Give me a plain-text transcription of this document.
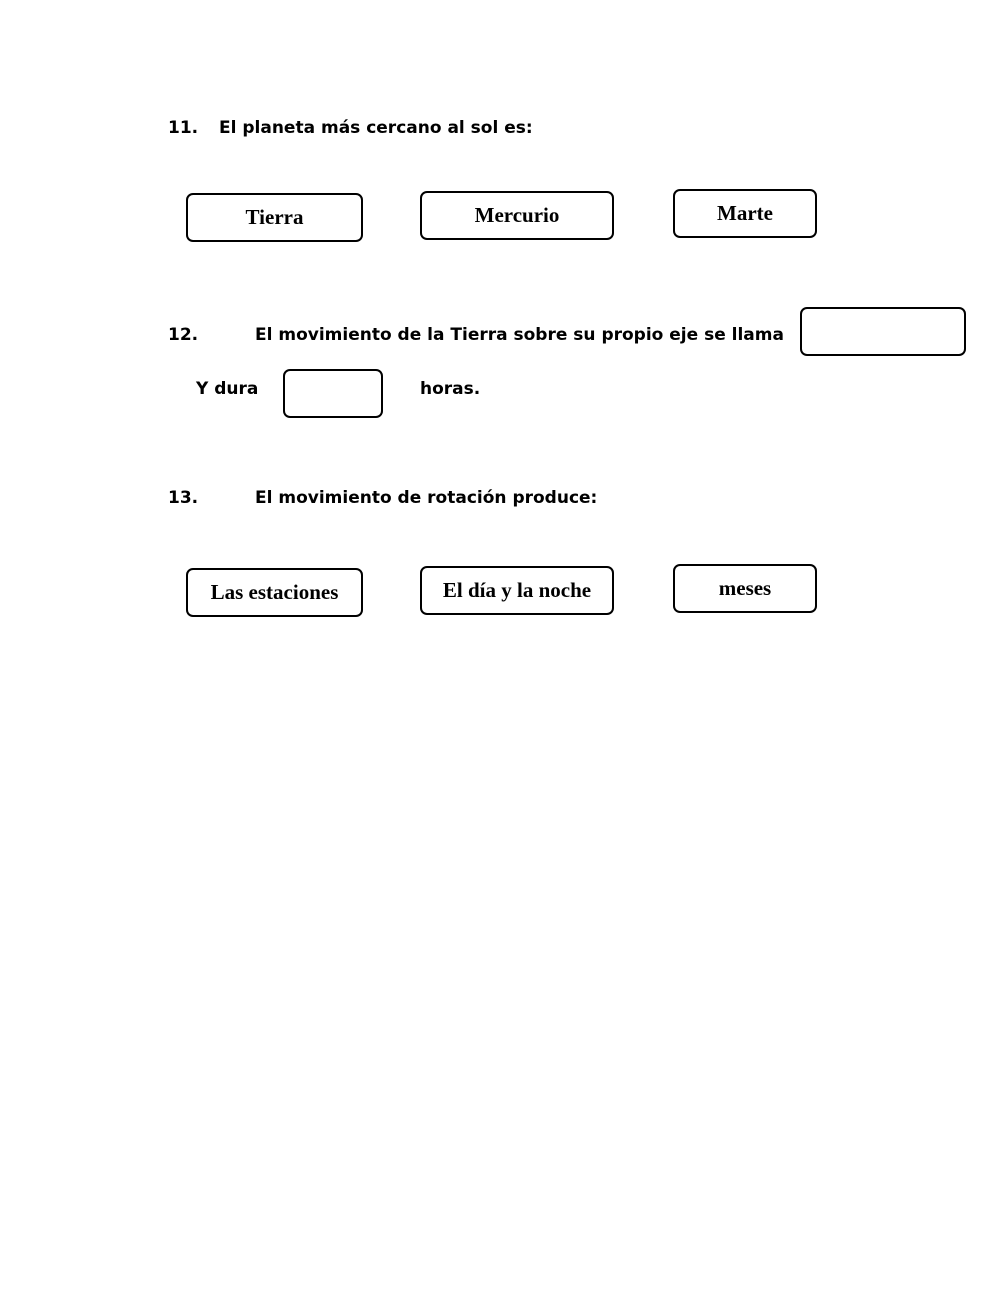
11. El planeta más cercano al sol es:
Tierra	Mercurio	Marte
12.	El movimiento de la Tierra sobre su propio eje se llama
Y dura	horas.
13.	El movimiento de rotación produce:
Las estaciones	El día y la noche	meses
